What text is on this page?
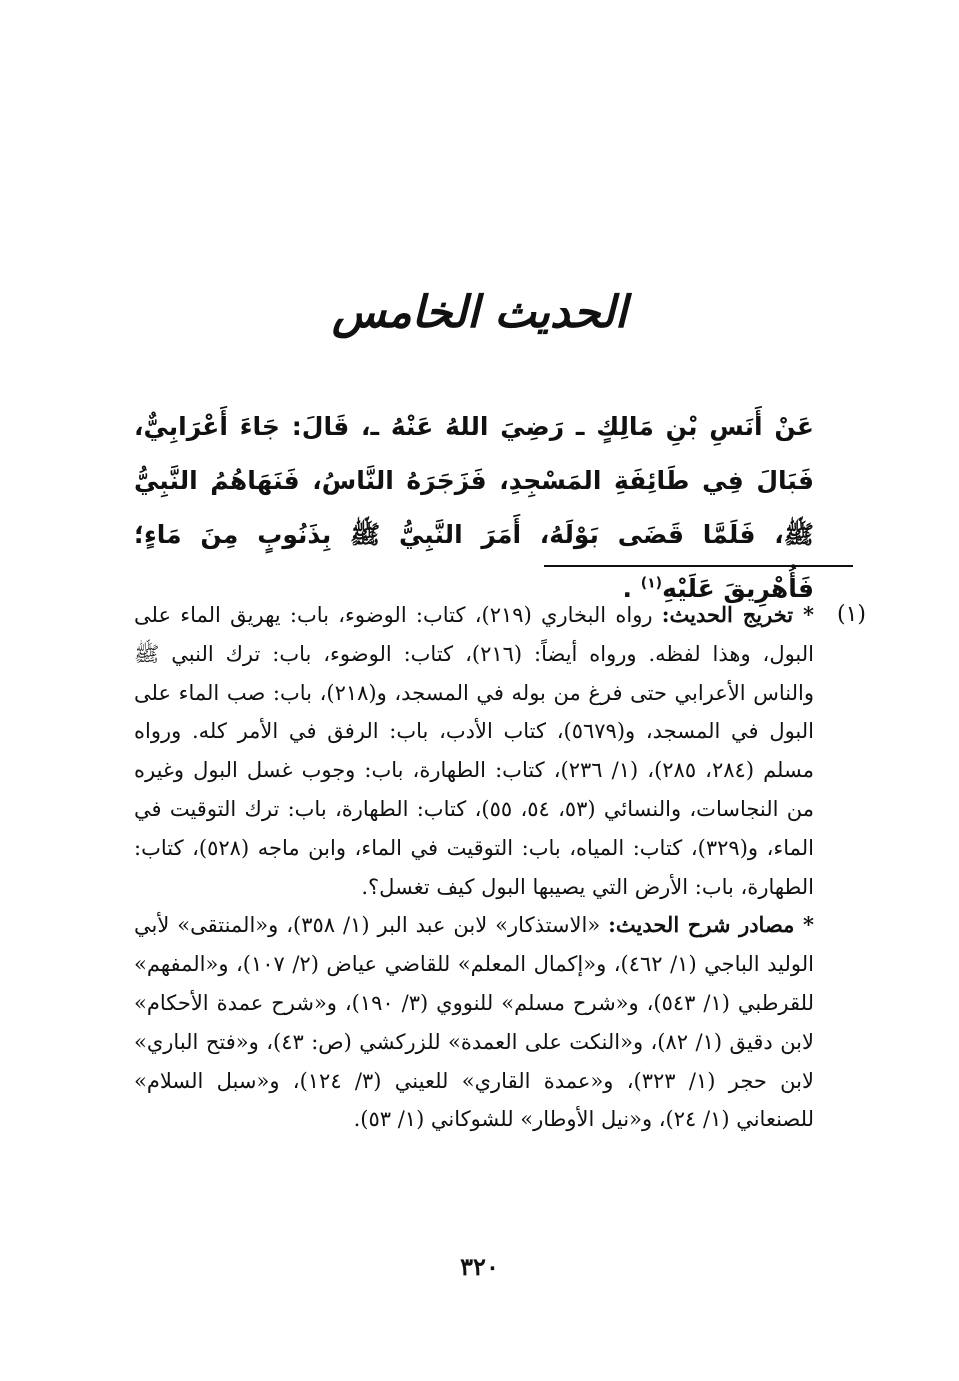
الحديث الخامس

عَنْ أَنَسِ بْنِ مَالِكٍ ـ رَضِيَ اللهُ عَنْهُ ـ، قَالَ: جَاءَ أَعْرَابِيٌّ، فَبَالَ فِي طَائِفَةِ المَسْجِدِ، فَزَجَرَهُ النَّاسُ، فَنَهَاهُمُ النَّبِيُّ ﷺ، فَلَمَّا قَضَى بَوْلَهُ، أَمَرَ النَّبِيُّ ﷺ بِذَنُوبٍ مِنَ مَاءٍ؛ فَأُهْرِيقَ عَلَيْهِ$^{(١)}$ .

(١)

* تخريج الحديث: رواه البخاري (٢١٩)، كتاب: الوضوء، باب: يهريق الماء على البول، وهذا لفظه. ورواه أيضاً: (٢١٦)، كتاب: الوضوء، باب: ترك النبي ﷺ والناس الأعرابي حتى فرغ من بوله في المسجد، و(٢١٨)، باب: صب الماء على البول في المسجد، و(٥٦٧٩)، كتاب الأدب، باب: الرفق في الأمر كله. ورواه مسلم (٢٨٤، ٢٨٥)، (١/ ٢٣٦)، كتاب: الطهارة، باب: وجوب غسل البول وغيره من النجاسات، والنسائي (٥٣، ٥٤، ٥٥)، كتاب: الطهارة، باب: ترك التوقيت في الماء، و(٣٢٩)، كتاب: المياه، باب: التوقيت في الماء، وابن ماجه (٥٢٨)، كتاب: الطهارة، باب: الأرض التي يصيبها البول كيف تغسل؟.

* مصادر شرح الحديث: «الاستذكار» لابن عبد البر (١/ ٣٥٨)، و«المنتقى» لأبي الوليد الباجي (١/ ٤٦٢)، و«إكمال المعلم» للقاضي عياض (٢/ ١٠٧)، و«المفهم» للقرطبي (١/ ٥٤٣)، و«شرح مسلم» للنووي (٣/ ١٩٠)، و«شرح عمدة الأحكام» لابن دقيق (١/ ٨٢)، و«النكت على العمدة» للزركشي (ص: ٤٣)، و«فتح الباري» لابن حجر (١/ ٣٢٣)، و«عمدة القاري» للعيني (٣/ ١٢٤)، و«سبل السلام» للصنعاني (١/ ٢٤)، و«نيل الأوطار» للشوكاني (١/ ٥٣).

٣٢٠
